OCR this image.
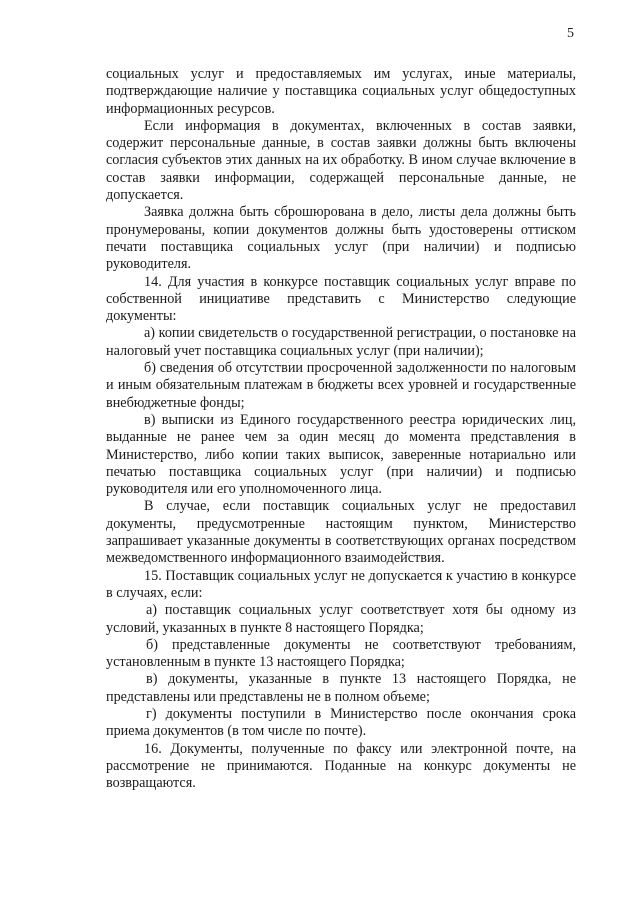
5

социальных услуг и предоставляемых им услугах, иные материалы, подтверждающие наличие у поставщика социальных услуг общедоступных информационных ресурсов.

Если информация в документах, включенных в состав заявки, содержит персональные данные, в состав заявки должны быть включены согласия субъектов этих данных на их обработку. В ином случае включение в состав заявки информации, содержащей персональные данные, не допускается.

Заявка должна быть сброшюрована в дело, листы дела должны быть пронумерованы, копии документов должны быть удостоверены оттиском печати поставщика социальных услуг (при наличии) и подписью руководителя.

14. Для участия в конкурсе поставщик социальных услуг вправе по собственной инициативе представить с Министерство следующие документы:

а) копии свидетельств о государственной регистрации, о постановке на налоговый учет поставщика социальных услуг (при наличии);

б) сведения об отсутствии просроченной задолженности по налоговым и иным обязательным платежам в бюджеты всех уровней и государственные внебюджетные фонды;

в) выписки из Единого государственного реестра юридических лиц, выданные не ранее чем за один месяц до момента представления в Министерство, либо копии таких выписок, заверенные нотариально или печатью поставщика социальных услуг (при наличии) и подписью руководителя или его уполномоченного лица.

В случае, если поставщик социальных услуг не предоставил документы, предусмотренные настоящим пунктом, Министерство запрашивает указанные документы в соответствующих органах посредством межведомственного информационного взаимодействия.

15. Поставщик социальных услуг не допускается к участию в конкурсе в случаях, если:

а) поставщик социальных услуг соответствует хотя бы одному из условий, указанных в пункте 8 настоящего Порядка;

б) представленные документы не соответствуют требованиям, установленным в пункте 13 настоящего Порядка;

в) документы, указанные в пункте 13 настоящего Порядка, не представлены или представлены не в полном объеме;

г) документы поступили в Министерство после окончания срока приема документов (в том числе по почте).

16. Документы, полученные по факсу или электронной почте, на рассмотрение не принимаются. Поданные на конкурс документы не возвращаются.
